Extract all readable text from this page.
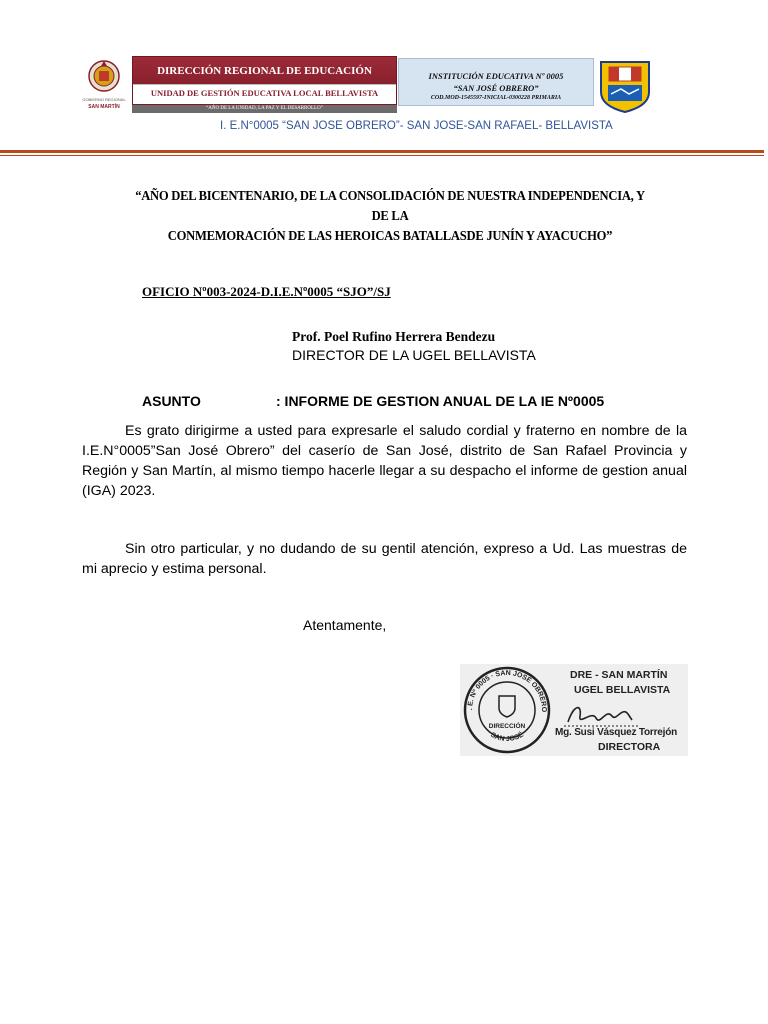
GOBIERNO REGIONAL
SAN MARTÍN
DIRECCIÓN REGIONAL DE EDUCACIÓN
UNIDAD DE GESTIÓN EDUCATIVA LOCAL BELLAVISTA
“AÑO DE LA UNIDAD, LA PAZ Y EL DESARROLLO”
INSTITUCIÓN EDUCATIVA Nº 0005
“SAN JOSÉ OBRERO”
COD.MOD-1545597-INICIAL-0300228 PRIMARIA
I. E.N°0005 “SAN JOSE OBRERO”- SAN JOSE-SAN RAFAEL- BELLAVISTA
“AÑO DEL BICENTENARIO, DE LA CONSOLIDACIÓN DE NUESTRA INDEPENDENCIA, Y DE LA
CONMEMORACIÓN DE LAS HEROICAS BATALLASDE JUNÍN Y AYACUCHO”
OFICIO Nº003-2024-D.I.E.Nº0005 “SJO”/SJ
Prof. Poel Rufino Herrera Bendezu
DIRECTOR DE LA UGEL BELLAVISTA
ASUNTO	: INFORME DE GESTION ANUAL DE LA IE Nº0005
Es grato dirigirme a usted para expresarle el saludo cordial y fraterno en nombre de la I.E.N°0005”San José Obrero” del caserío de San José, distrito de San Rafael Provincia y Región y San Martín, al mismo tiempo hacerle llegar a su despacho el informe de gestion anual (IGA) 2023.
Sin otro particular, y no dudando de su gentil atención, expreso a Ud. Las muestras de mi aprecio y estima personal.
Atentamente,
. E. Nº 0005 · SAN JOSÉ OBRERO
SAN JOSÉ
DIRECCIÓN
DRE - SAN MARTÍN
UGEL BELLAVISTA
Mg. Susi Vásquez Torrejón
DIRECTORA
